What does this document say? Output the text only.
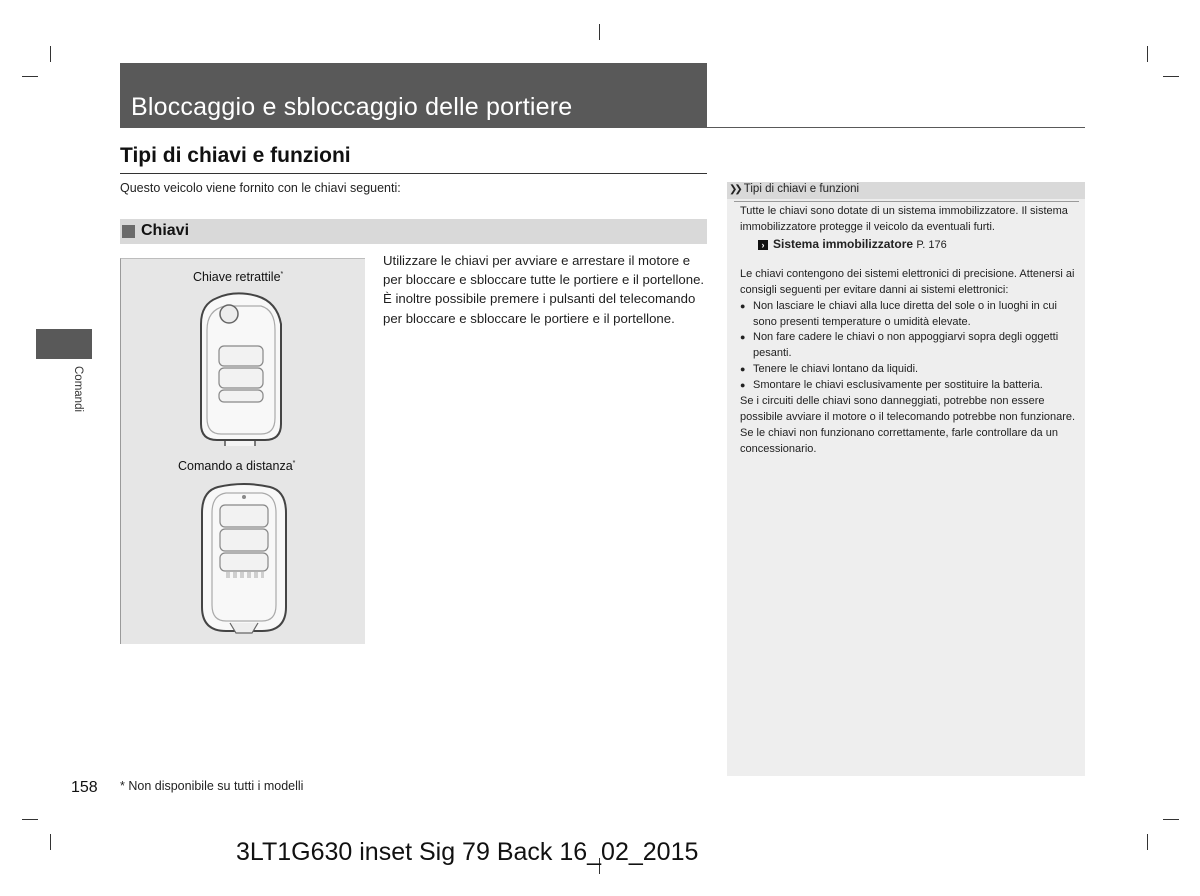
Bloccaggio e sbloccaggio delle portiere
Tipi di chiavi e funzioni
Questo veicolo viene fornito con le chiavi seguenti:
Chiavi
Chiave retrattile*
Comando a distanza*
Utilizzare le chiavi per avviare e arrestare il motore e per bloccare e sbloccare tutte le portiere e il portellone. È inoltre possibile premere i pulsanti del telecomando per bloccare e sbloccare le portiere e il portellone.
❯❯ Tipi di chiavi e funzioni
Tutte le chiavi sono dotate di un sistema immobilizzatore. Il sistema immobilizzatore protegge il veicolo da eventuali furti.
› Sistema immobilizzatore P. 176
Le chiavi contengono dei sistemi elettronici di precisione. Attenersi ai consigli seguenti per evitare danni ai sistemi elettronici:
● Non lasciare le chiavi alla luce diretta del sole o in luoghi in cui sono presenti temperature o umidità elevate.
● Non fare cadere le chiavi o non appoggiarvi sopra degli oggetti pesanti.
● Tenere le chiavi lontano da liquidi.
● Smontare le chiavi esclusivamente per sostituire la batteria.
Se i circuiti delle chiavi sono danneggiati, potrebbe non essere possibile avviare il motore o il telecomando potrebbe non funzionare.
Se le chiavi non funzionano correttamente, farle controllare da un concessionario.
Comandi
158 * Non disponibile su tutti i modelli
3LT1G630 inset Sig 79 Back 16_02_2015
